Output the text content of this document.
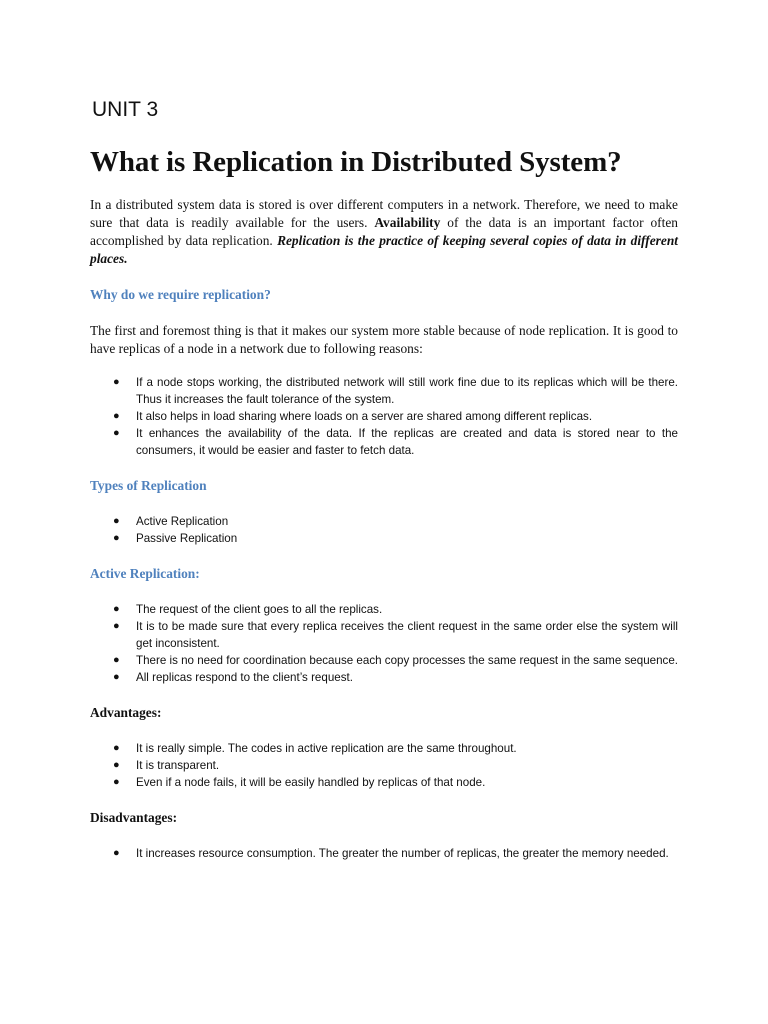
UNIT 3
What is Replication in Distributed System?

In a distributed system data is stored is over different computers in a network. Therefore, we need to make sure that data is readily available for the users. Availability of the data is an important factor often accomplished by data replication. Replication is the practice of keeping several copies of data in different places.

Why do we require replication?

The first and foremost thing is that it makes our system more stable because of node replication. It is good to have replicas of a node in a network due to following reasons:

● If a node stops working, the distributed network will still work fine due to its replicas which will be there. Thus it increases the fault tolerance of the system.
● It also helps in load sharing where loads on a server are shared among different replicas.
● It enhances the availability of the data. If the replicas are created and data is stored near to the consumers, it would be easier and faster to fetch data.

Types of Replication

● Active Replication
● Passive Replication

Active Replication:

● The request of the client goes to all the replicas.
● It is to be made sure that every replica receives the client request in the same order else the system will get inconsistent.
● There is no need for coordination because each copy processes the same request in the same sequence.
● All replicas respond to the client’s request.

Advantages:

● It is really simple. The codes in active replication are the same throughout.
● It is transparent.
● Even if a node fails, it will be easily handled by replicas of that node.

Disadvantages:

● It increases resource consumption. The greater the number of replicas, the greater the memory needed.
